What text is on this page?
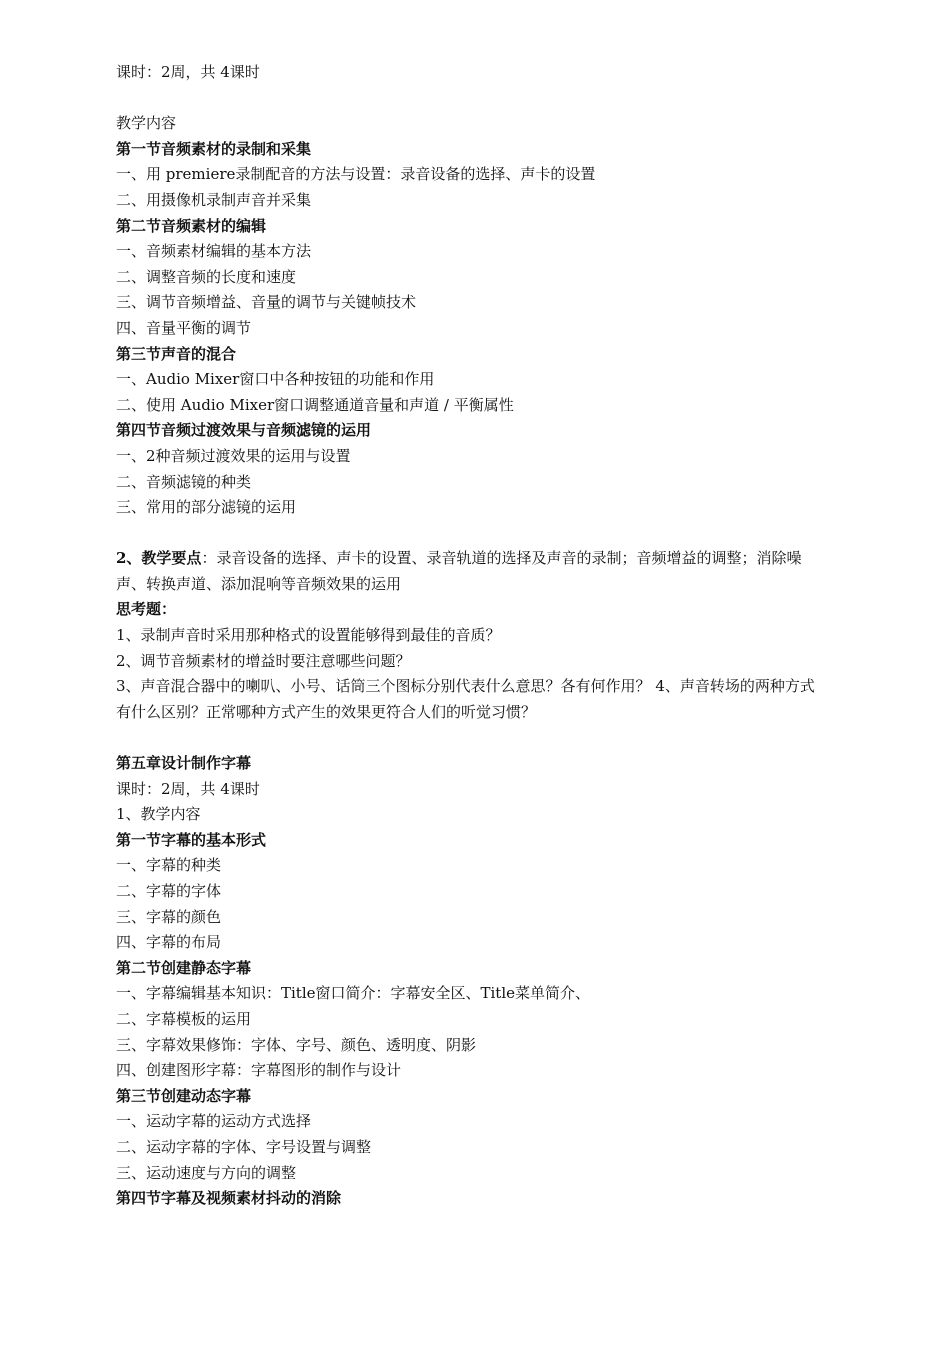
课时：2周，共 4课时
教学内容
第一节音频素材的录制和采集
一、用 premiere录制配音的方法与设置：录音设备的选择、声卡的设置
二、用摄像机录制声音并采集
第二节音频素材的编辑
一、音频素材编辑的基本方法
二、调整音频的长度和速度
三、调节音频增益、音量的调节与关键帧技术
四、音量平衡的调节
第三节声音的混合
一、Audio Mixer窗口中各种按钮的功能和作用
二、使用 Audio Mixer窗口调整通道音量和声道 / 平衡属性
第四节音频过渡效果与音频滤镜的运用
一、2种音频过渡效果的运用与设置
二、音频滤镜的种类
三、常用的部分滤镜的运用
2、教学要点：录音设备的选择、声卡的设置、录音轨道的选择及声音的录制；音频增益的调整；消除噪声、转换声道、添加混响等音频效果的运用
思考题：
1、录制声音时采用那种格式的设置能够得到最佳的音质？
2、调节音频素材的增益时要注意哪些问题？
3、声音混合器中的喇叭、小号、话筒三个图标分别代表什么意思？各有何作用？ 4、声音转场的两种方式有什么区别？正常哪种方式产生的效果更符合人们的听觉习惯？
第五章设计制作字幕
课时：2周，共 4课时
1、教学内容
第一节字幕的基本形式
一、字幕的种类
二、字幕的字体
三、字幕的颜色
四、字幕的布局
第二节创建静态字幕
一、字幕编辑基本知识：Title窗口简介：字幕安全区、Title菜单简介、
二、字幕模板的运用
三、字幕效果修饰：字体、字号、颜色、透明度、阴影
四、创建图形字幕：字幕图形的制作与设计
第三节创建动态字幕
一、运动字幕的运动方式选择
二、运动字幕的字体、字号设置与调整
三、运动速度与方向的调整
第四节字幕及视频素材抖动的消除
